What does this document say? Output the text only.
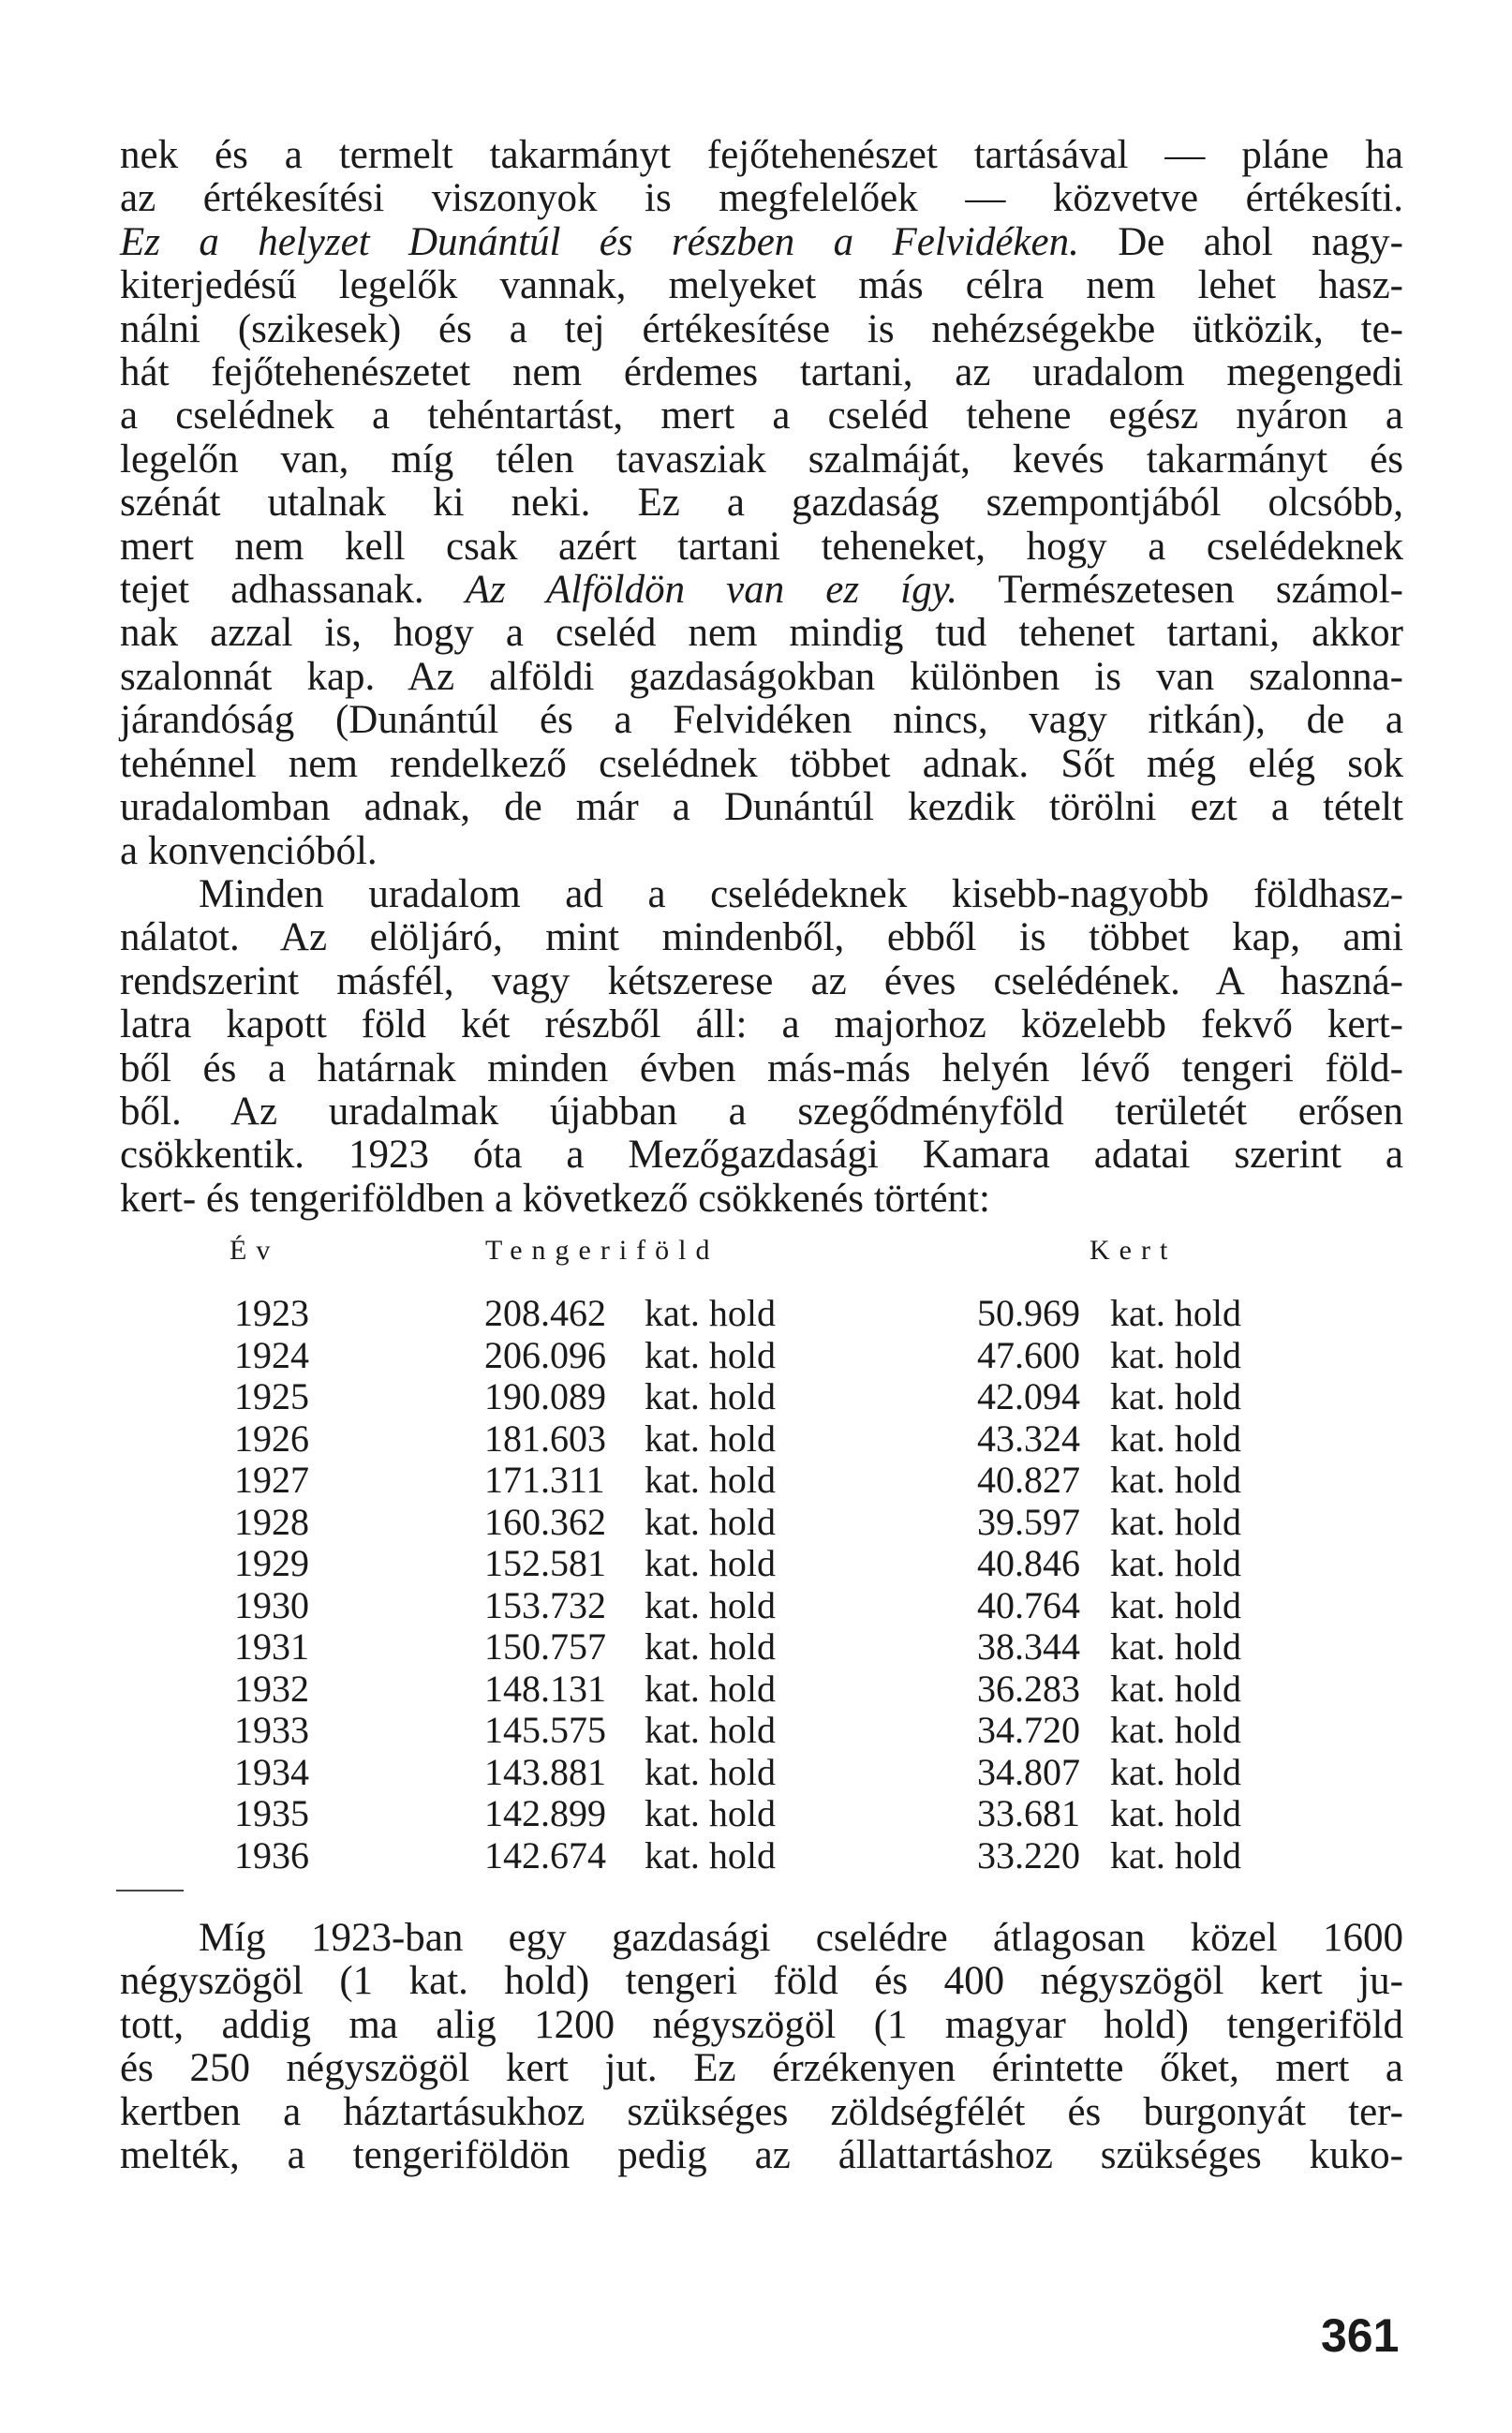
nek és a termelt takarmányt fejőtehenészet tartásával — pláne ha
az értékesítési viszonyok is megfelelőek — közvetve értékesíti.
Ez a helyzet Dunántúl és részben a Felvidéken. De ahol nagy-
kiterjedésű legelők vannak, melyeket más célra nem lehet hasz-
nálni (szikesek) és a tej értékesítése is nehézségekbe ütközik, te-
hát fejőtehenészetet nem érdemes tartani, az uradalom megengedi
a cselédnek a tehéntartást, mert a cseléd tehene egész nyáron a
legelőn van, míg télen tavasziak szalmáját, kevés takarmányt és
szénát utalnak ki neki. Ez a gazdaság szempontjából olcsóbb,
mert nem kell csak azért tartani teheneket, hogy a cselédeknek
tejet adhassanak. Az Alföldön van ez így. Természetesen számol-
nak azzal is, hogy a cseléd nem mindig tud tehenet tartani, akkor
szalonnát kap. Az alföldi gazdaságokban különben is van szalonna-
járandóság (Dunántúl és a Felvidéken nincs, vagy ritkán), de a
tehénnel nem rendelkező cselédnek többet adnak. Sőt még elég sok
uradalomban adnak, de már a Dunántúl kezdik törölni ezt a tételt
a konvencióból.
Minden uradalom ad a cselédeknek kisebb-nagyobb földhasz-
nálatot. Az elöljáró, mint mindenből, ebből is többet kap, ami
rendszerint másfél, vagy kétszerese az éves cselédének. A haszná-
latra kapott föld két részből áll: a majorhoz közelebb fekvő kert-
ből és a határnak minden évben más-más helyén lévő tengeri föld-
ből. Az uradalmak újabban a szegődményföld területét erősen
csökkentik. 1923 óta a Mezőgazdasági Kamara adatai szerint a
kert- és tengeriföldben a következő csökkenés történt:
Év	Tengeriföld	Kert
1923	208.462 kat. hold	50.969 kat. hold
1924	206.096 kat. hold	47.600 kat. hold
1925	190.089 kat. hold	42.094 kat. hold
1926	181.603 kat. hold	43.324 kat. hold
1927	171.311 kat. hold	40.827 kat. hold
1928	160.362 kat. hold	39.597 kat. hold
1929	152.581 kat. hold	40.846 kat. hold
1930	153.732 kat. hold	40.764 kat. hold
1931	150.757 kat. hold	38.344 kat. hold
1932	148.131 kat. hold	36.283 kat. hold
1933	145.575 kat. hold	34.720 kat. hold
1934	143.881 kat. hold	34.807 kat. hold
1935	142.899 kat. hold	33.681 kat. hold
1936	142.674 kat. hold	33.220 kat. hold
Míg 1923-ban egy gazdasági cselédre átlagosan közel 1600
négyszögöl (1 kat. hold) tengeri föld és 400 négyszögöl kert ju-
tott, addig ma alig 1200 négyszögöl (1 magyar hold) tengeriföld
és 250 négyszögöl kert jut. Ez érzékenyen érintette őket, mert a
kertben a háztartásukhoz szükséges zöldségfélét és burgonyát ter-
melték, a tengeriföldön pedig az állattartáshoz szükséges kuko-
361
